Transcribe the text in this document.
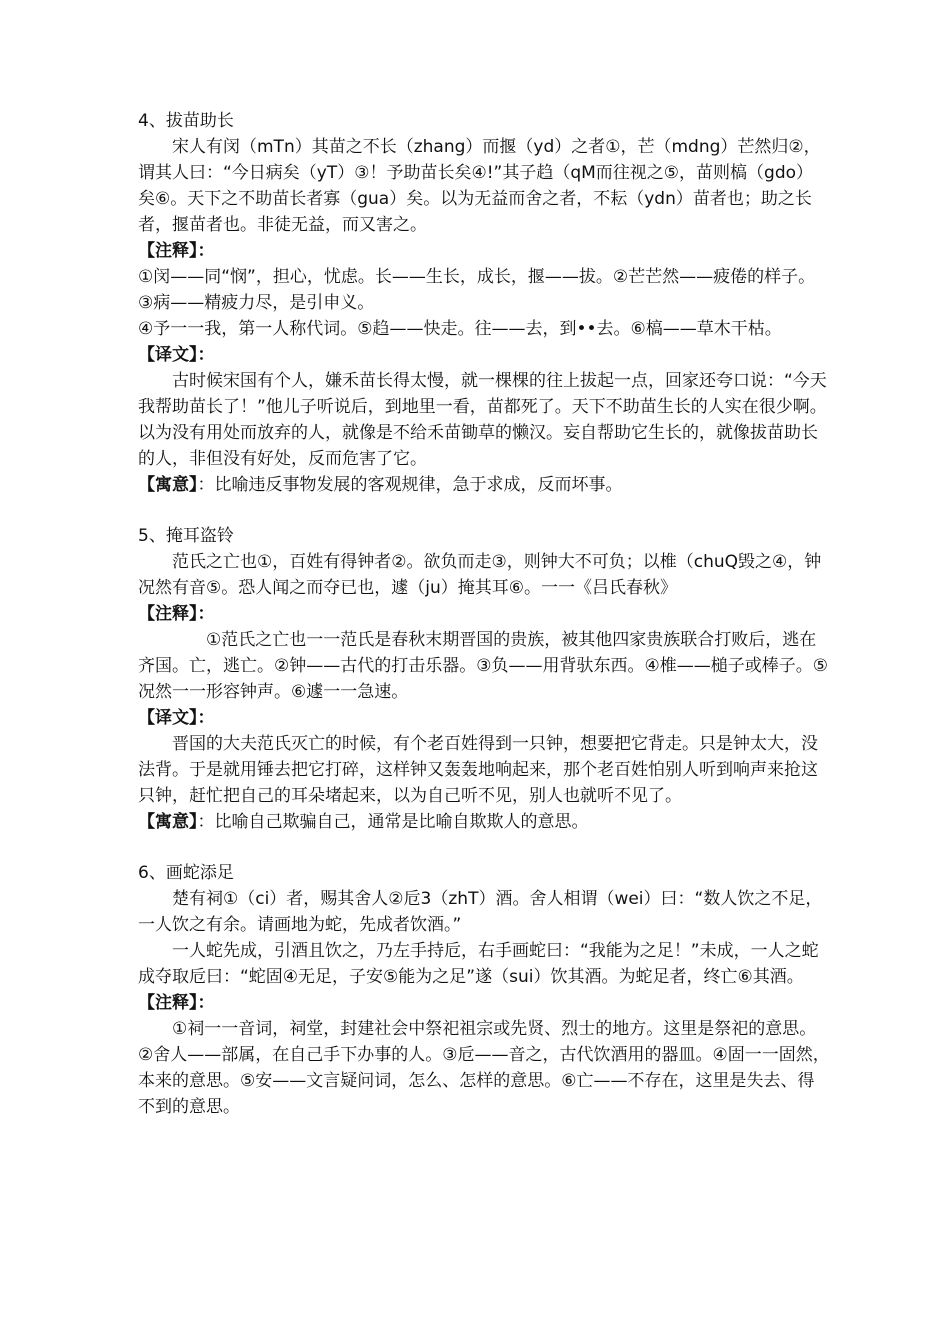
4、拔苗助长

宋人有闵（mTn）其苗之不长（zhang）而揠（yd）之者①，芒（mdng）芒然归②，谓其人曰：“今日病矣（yT）③！予助苗长矣④!”其子趋（qM而往视之⑤，苗则槁（gdo）矣⑥。天下之不助苗长者寡（gua）矣。以为无益而舍之者，不耘（ydn）苗者也；助之长者，揠苗者也。非徒无益，而又害之。

【注释】：

①闵——同“悯”，担心，忧虑。长——生长，成长，揠——拔。②芒芒然——疲倦的样子。③病——精疲力尽，是引申义。

④予一一我，第一人称代词。⑤趋——快走。往——去，到••去。⑥槁——草木干枯。

【译文】：

古时候宋国有个人，嫌禾苗长得太慢，就一棵棵的往上拔起一点，回家还夸口说：“今天我帮助苗长了！”他儿子听说后，到地里一看，苗都死了。天下不助苗生长的人实在很少啊。以为没有用处而放弃的人，就像是不给禾苗锄草的懒汉。妄自帮助它生长的，就像拔苗助长的人，非但没有好处，反而危害了它。

【寓意】：比喻违反事物发展的客观规律，急于求成，反而坏事。

5、掩耳盗铃

范氏之亡也①，百姓有得钟者②。欲负而走③，则钟大不可负；以椎（chuQ毁之④，钟况然有音⑤。恐人闻之而夺已也，遽（ju）掩其耳⑥。一一《吕氏春秋》

【注释】：

①范氏之亡也一一范氏是春秋末期晋国的贵族，被其他四家贵族联合打败后，逃在齐国。亡，逃亡。②钟——古代的打击乐器。③负——用背驮东西。④椎——槌子或棒子。⑤况然一一形容钟声。⑥遽一一急速。

【译文】：

晋国的大夫范氏灭亡的时候，有个老百姓得到一只钟，想要把它背走。只是钟太大，没法背。于是就用锤去把它打碎，这样钟又轰轰地响起来，那个老百姓怕别人听到响声来抢这只钟，赶忙把自己的耳朵堵起来，以为自己听不见，别人也就听不见了。

【寓意】：比喻自己欺骗自己，通常是比喻自欺欺人的意思。

6、画蛇添足

楚有祠①（ci）者，赐其舍人②卮3（zhT）酒。舍人相谓（wei）曰：“数人饮之不足，一人饮之有余。请画地为蛇，先成者饮酒。”

一人蛇先成，引酒且饮之，乃左手持卮，右手画蛇曰：“我能为之足！”未成，一人之蛇成夺取卮曰：“蛇固④无足，子安⑤能为之足”遂（sui）饮其酒。为蛇足者，终亡⑥其酒。

【注释】：

①祠一一音词，祠堂，封建社会中祭祀祖宗或先贤、烈士的地方。这里是祭祀的意思。②舍人——部属，在自己手下办事的人。③卮——音之，古代饮酒用的器皿。④固一一固然，本来的意思。⑤安——文言疑问词，怎么、怎样的意思。⑥亡——不存在，这里是失去、得不到的意思。
